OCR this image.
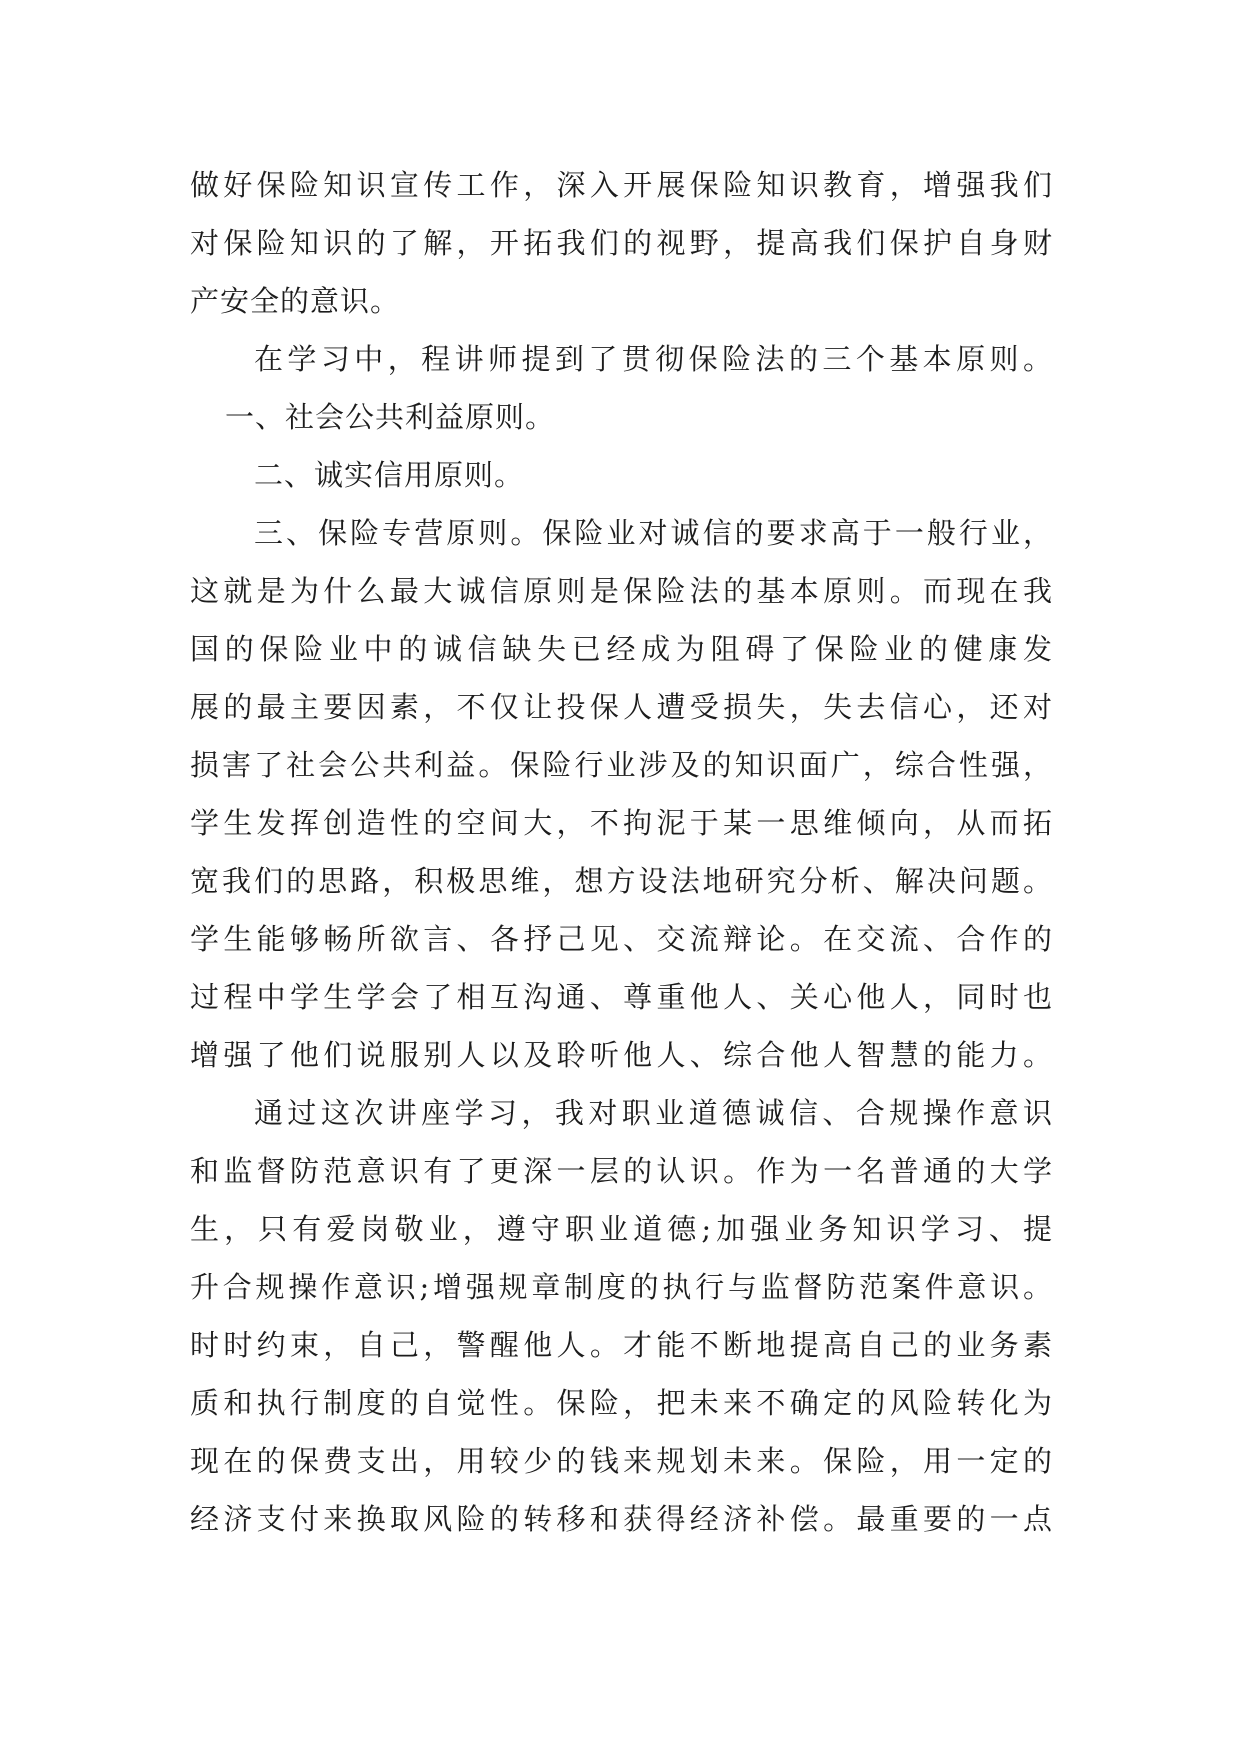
做好保险知识宣传工作，深入开展保险知识教育，增强我们
对保险知识的了解，开拓我们的视野，提高我们保护自身财
产安全的意识。
在学习中，程讲师提到了贯彻保险法的三个基本原则。
一、社会公共利益原则。
二、诚实信用原则。
三、保险专营原则。保险业对诚信的要求高于一般行业，
这就是为什么最大诚信原则是保险法的基本原则。而现在我
国的保险业中的诚信缺失已经成为阻碍了保险业的健康发
展的最主要因素，不仅让投保人遭受损失，失去信心，还对
损害了社会公共利益。保险行业涉及的知识面广，综合性强，
学生发挥创造性的空间大，不拘泥于某一思维倾向，从而拓
宽我们的思路，积极思维，想方设法地研究分析、解决问题。
学生能够畅所欲言、各抒己见、交流辩论。在交流、合作的
过程中学生学会了相互沟通、尊重他人、关心他人，同时也
增强了他们说服别人以及聆听他人、综合他人智慧的能力。
通过这次讲座学习，我对职业道德诚信、合规操作意识
和监督防范意识有了更深一层的认识。作为一名普通的大学
生，只有爱岗敬业，遵守职业道德;加强业务知识学习、提
升合规操作意识;增强规章制度的执行与监督防范案件意识。
时时约束，自己，警醒他人。才能不断地提高自己的业务素
质和执行制度的自觉性。保险，把未来不确定的风险转化为
现在的保费支出，用较少的钱来规划未来。保险，用一定的
经济支付来换取风险的转移和获得经济补偿。最重要的一点
